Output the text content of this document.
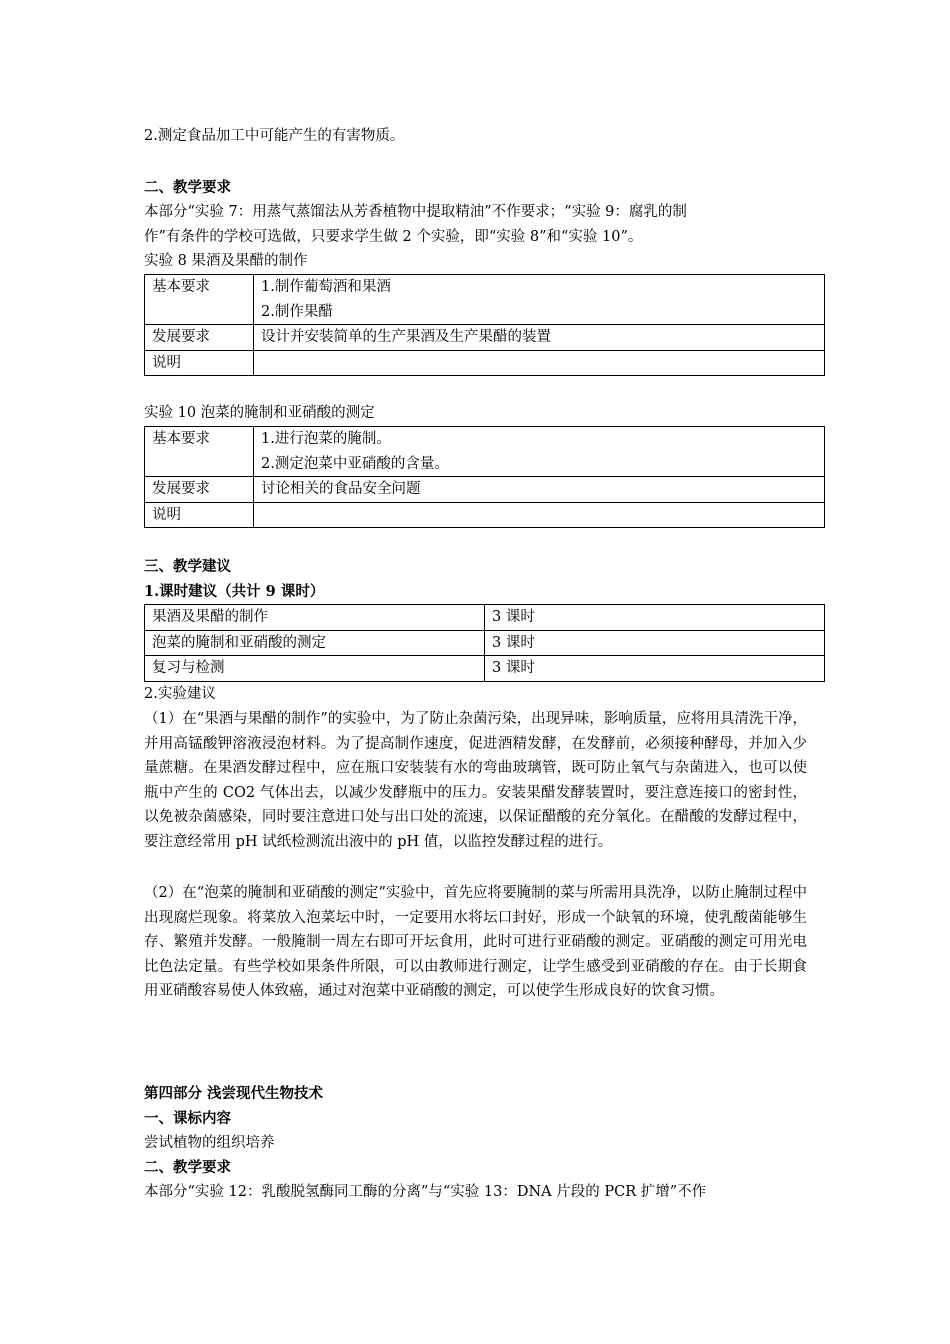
2.测定食品加工中可能产生的有害物质。

二、教学要求

本部分“实验 7：用蒸气蒸馏法从芳香植物中提取精油”不作要求；“实验 9：腐乳的制

作”有条件的学校可选做，只要求学生做 2 个实验，即“实验 8”和“实验 10”。

实验 8 果酒及果醋的制作

基本要求	1.制作葡萄酒和果酒
2.制作果醋

发展要求	设计并安装简单的生产果酒及生产果醋的装置
说明	

实验 10 泡菜的腌制和亚硝酸的测定

基本要求	1.进行泡菜的腌制。
2.测定泡菜中亚硝酸的含量。

发展要求	讨论相关的食品安全问题
说明	

三、教学建议

1.课时建议（共计 9 课时）

果酒及果醋的制作	3 课时
泡菜的腌制和亚硝酸的测定	3 课时
复习与检测	3 课时

2.实验建议

（1）在“果酒与果醋的制作”的实验中，为了防止杂菌污染，出现异味，影响质量，应将用具清洗干净，并用高锰酸钾溶液浸泡材料。为了提高制作速度，促进酒精发酵，在发酵前，必须接种酵母，并加入少量蔗糖。在果酒发酵过程中，应在瓶口安装装有水的弯曲玻璃管，既可防止氧气与杂菌进入，也可以使瓶中产生的 CO2 气体出去，以减少发酵瓶中的压力。安装果醋发酵装置时，要注意连接口的密封性，以免被杂菌感染，同时要注意进口处与出口处的流速，以保证醋酸的充分氧化。在醋酸的发酵过程中，要注意经常用 pH 试纸检测流出液中的 pH 值，以监控发酵过程的进行。

（2）在“泡菜的腌制和亚硝酸的测定”实验中，首先应将要腌制的菜与所需用具洗净，以防止腌制过程中出现腐烂现象。将菜放入泡菜坛中时，一定要用水将坛口封好，形成一个缺氧的环境，使乳酸菌能够生存、繁殖并发酵。一般腌制一周左右即可开坛食用，此时可进行亚硝酸的测定。亚硝酸的测定可用光电比色法定量。有些学校如果条件所限，可以由教师进行测定，让学生感受到亚硝酸的存在。由于长期食用亚硝酸容易使人体致癌，通过对泡菜中亚硝酸的测定，可以使学生形成良好的饮食习惯。

第四部分 浅尝现代生物技术

一、课标内容

尝试植物的组织培养

二、教学要求

本部分“实验 12：乳酸脱氢酶同工酶的分离”与“实验 13：DNA 片段的 PCR 扩增”不作
